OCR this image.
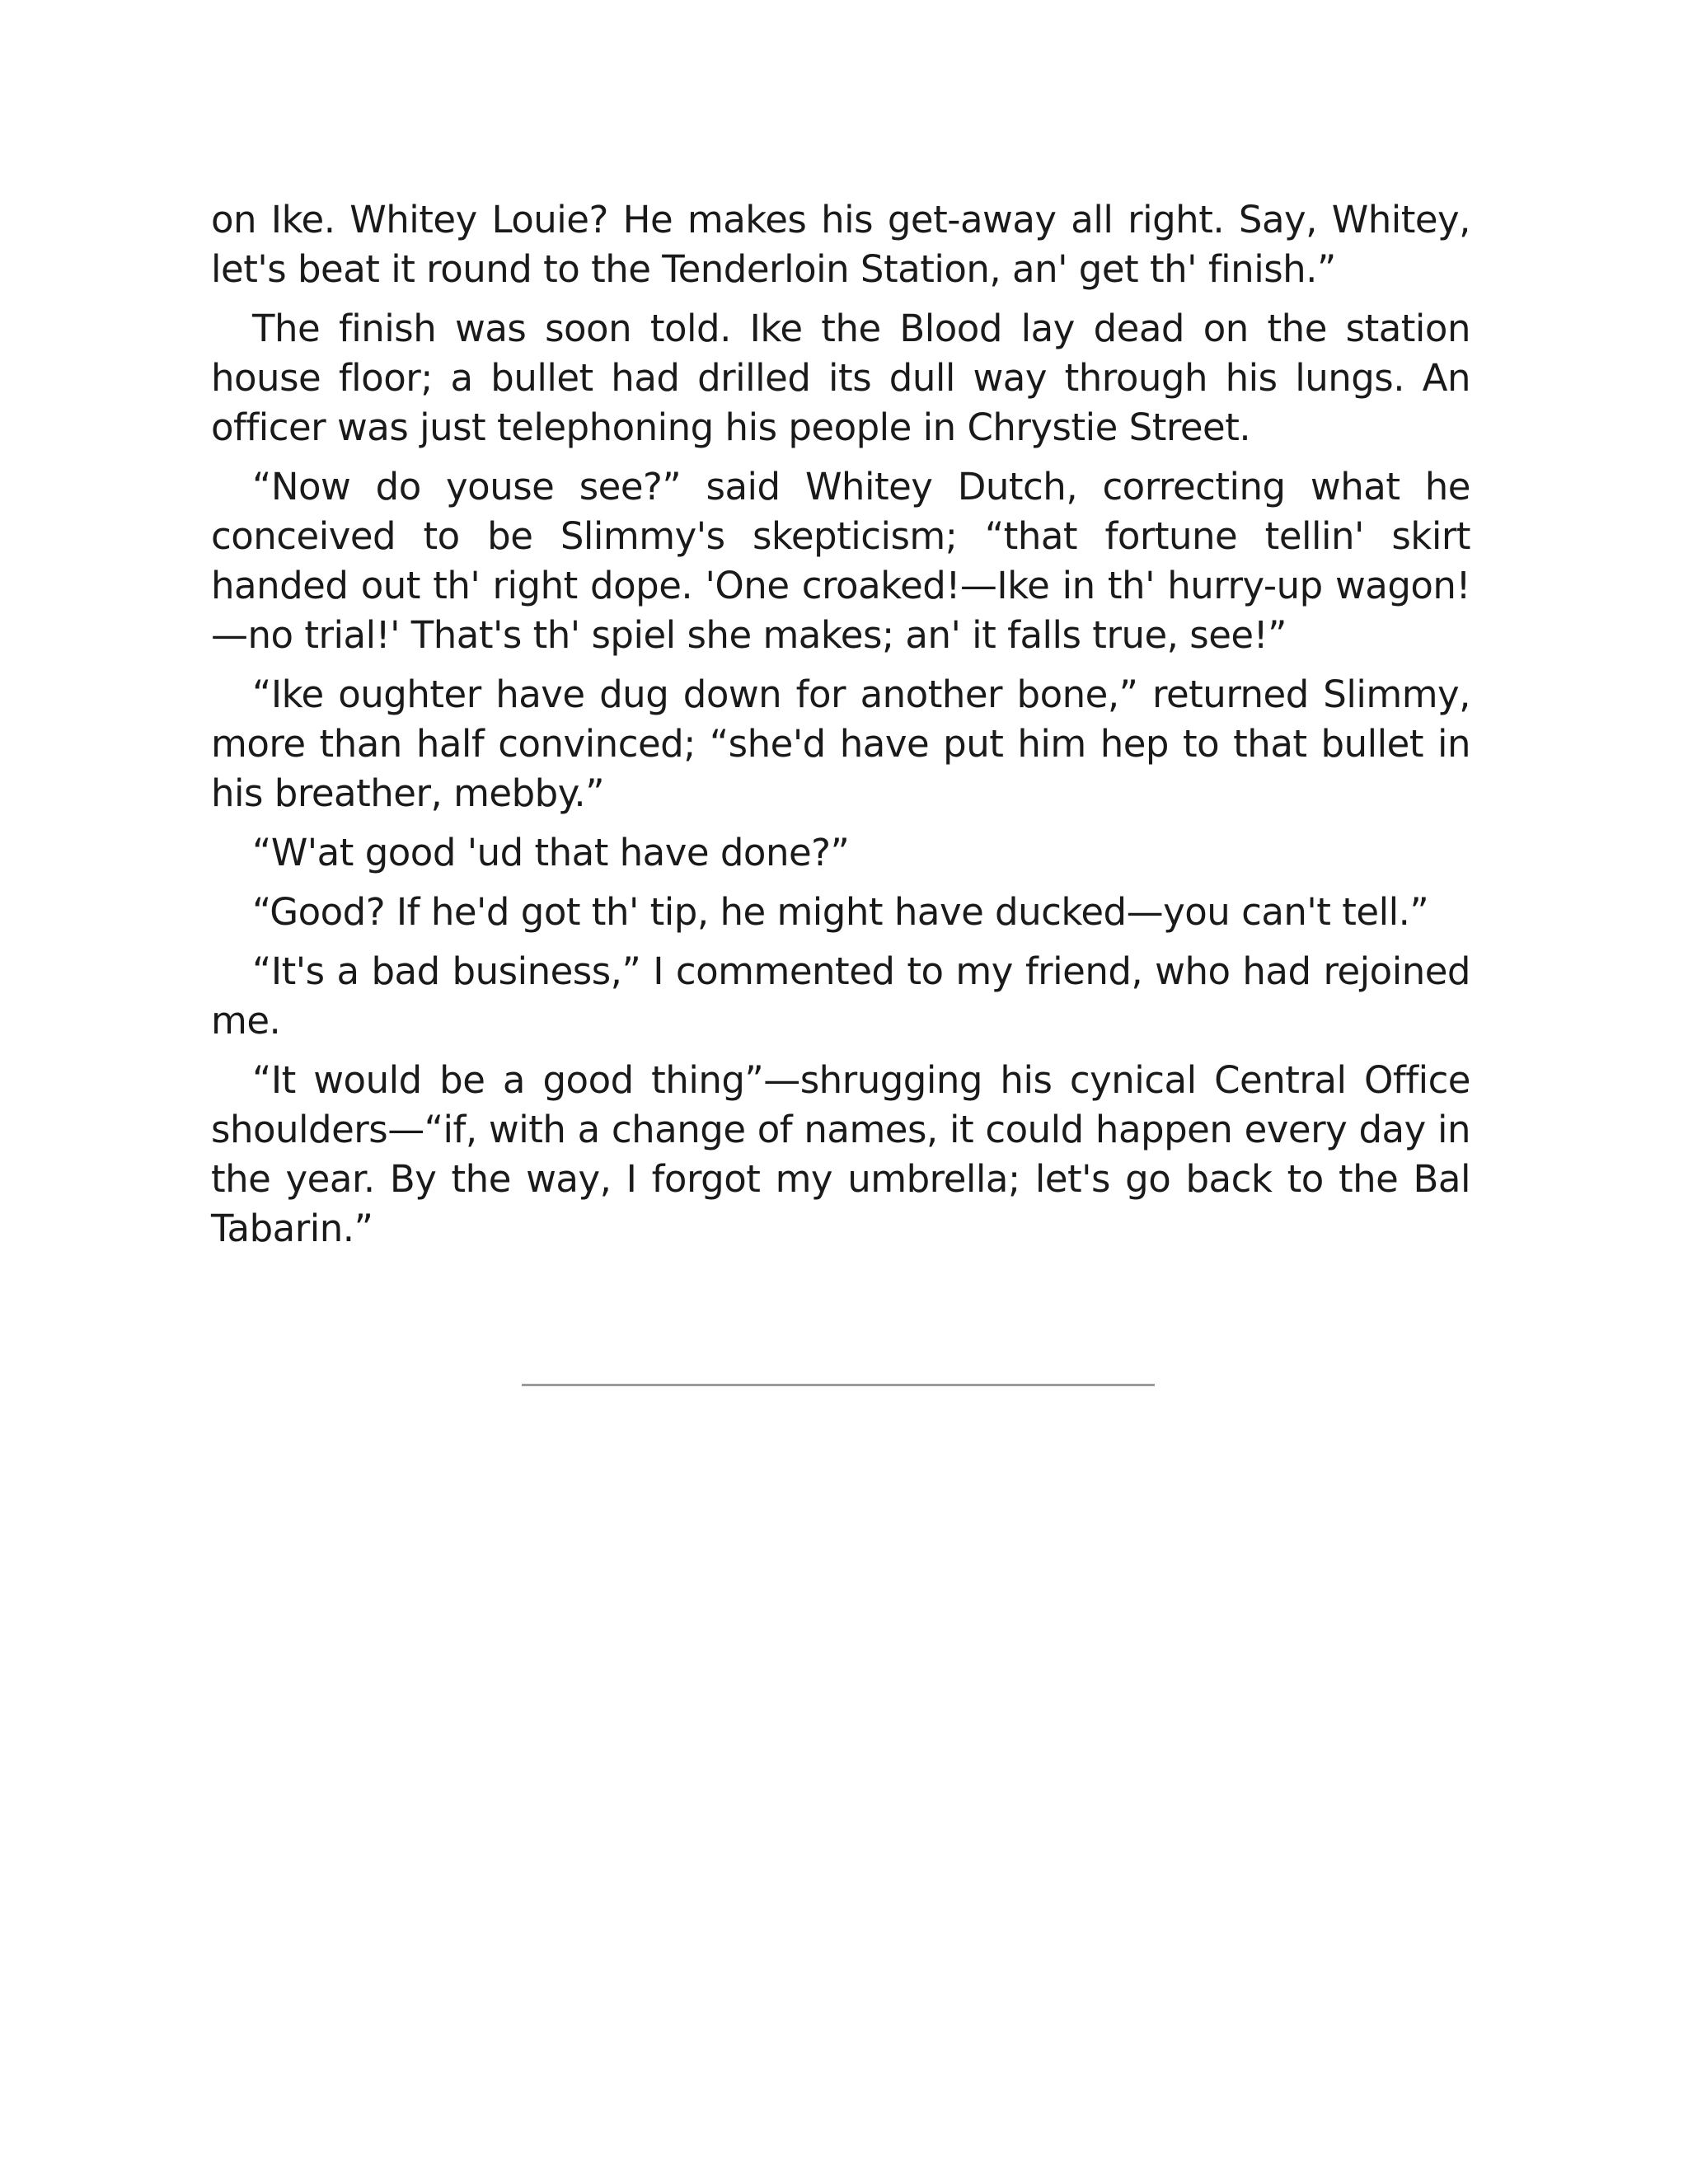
on Ike. Whitey Louie? He makes his get-away all right. Say, Whitey, let's beat it round to the Tenderloin Station, an' get th' finish.”

The finish was soon told. Ike the Blood lay dead on the station house floor; a bullet had drilled its dull way through his lungs. An officer was just telephoning his people in Chrystie Street.

“Now do youse see?” said Whitey Dutch, correcting what he conceived to be Slimmy's skepticism; “that fortune tellin' skirt handed out th' right dope. 'One croaked!—Ike in th' hurry-up wagon! —no trial!' That's th' spiel she makes; an' it falls true, see!”

“Ike oughter have dug down for another bone,” returned Slimmy, more than half convinced; “she'd have put him hep to that bullet in his breather, mebby.”

“W'at good 'ud that have done?”

“Good? If he'd got th' tip, he might have ducked—you can't tell.”

“It's a bad business,” I commented to my friend, who had rejoined me.

“It would be a good thing”—shrugging his cynical Central Office shoulders—“if, with a change of names, it could happen every day in the year. By the way, I forgot my umbrella; let's go back to the Bal Tabarin.”
